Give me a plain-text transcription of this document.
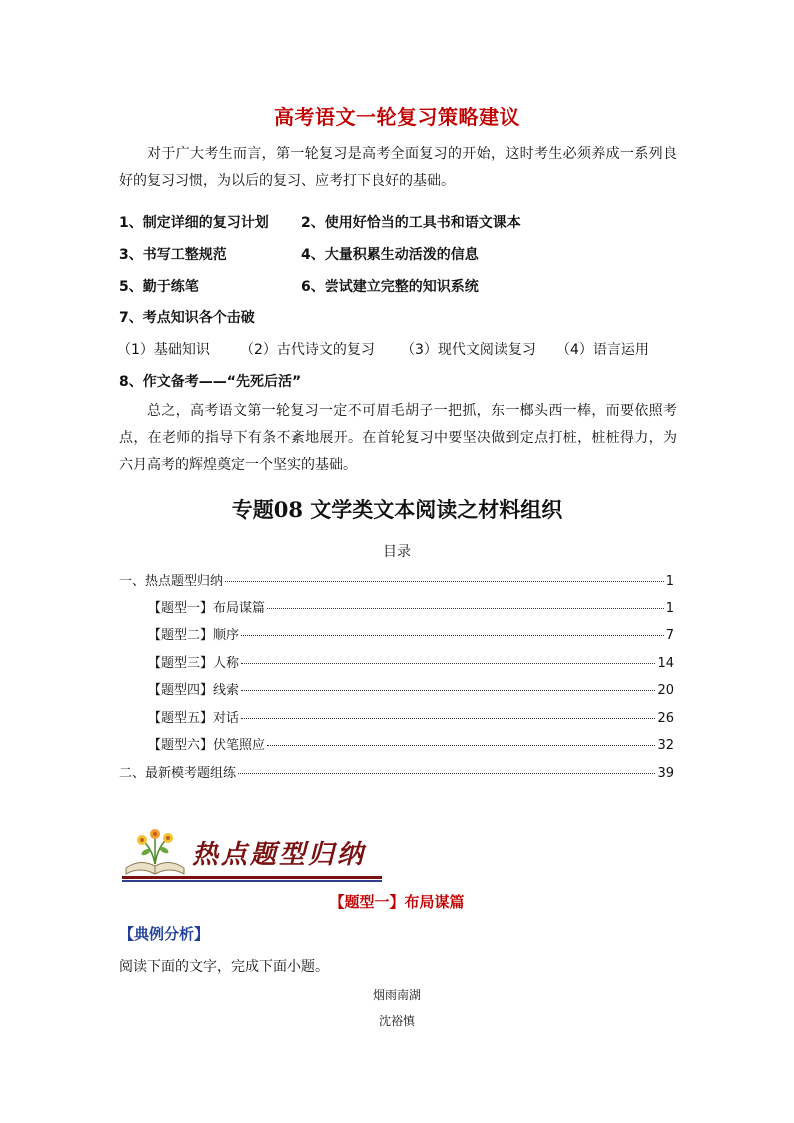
高考语文一轮复习策略建议
对于广大考生而言，第一轮复习是高考全面复习的开始，这时考生必须养成一系列良好的复习习惯，为以后的复习、应考打下良好的基础。
1、制定详细的复习计划 2、使用好恰当的工具书和语文课本
3、书写工整规范	4、大量积累生动活泼的信息
5、勤于练笔	6、尝试建立完整的知识系统
7、考点知识各个击破
（1）基础知识 （2）古代诗文的复习 （3）现代文阅读复习 （4）语言运用
8、作文备考——“先死后活”
总之，高考语文第一轮复习一定不可眉毛胡子一把抓，东一榔头西一棒，而要依照考点，在老师的指导下有条不紊地展开。在首轮复习中要坚决做到定点打桩，桩桩得力，为六月高考的辉煌奠定一个坚实的基础。
专题08 文学类文本阅读之材料组织
目录
一、热点题型归纳	1
【题型一】布局谋篇	1
【题型二】顺序	7
【题型三】人称	14
【题型四】线索	20
【题型五】对话	26
【题型六】伏笔照应	32
二、最新模考题组练	39
热点题型归纳
【题型一】布局谋篇
【典例分析】
阅读下面的文字，完成下面小题。
烟雨南湖
沈裕慎
